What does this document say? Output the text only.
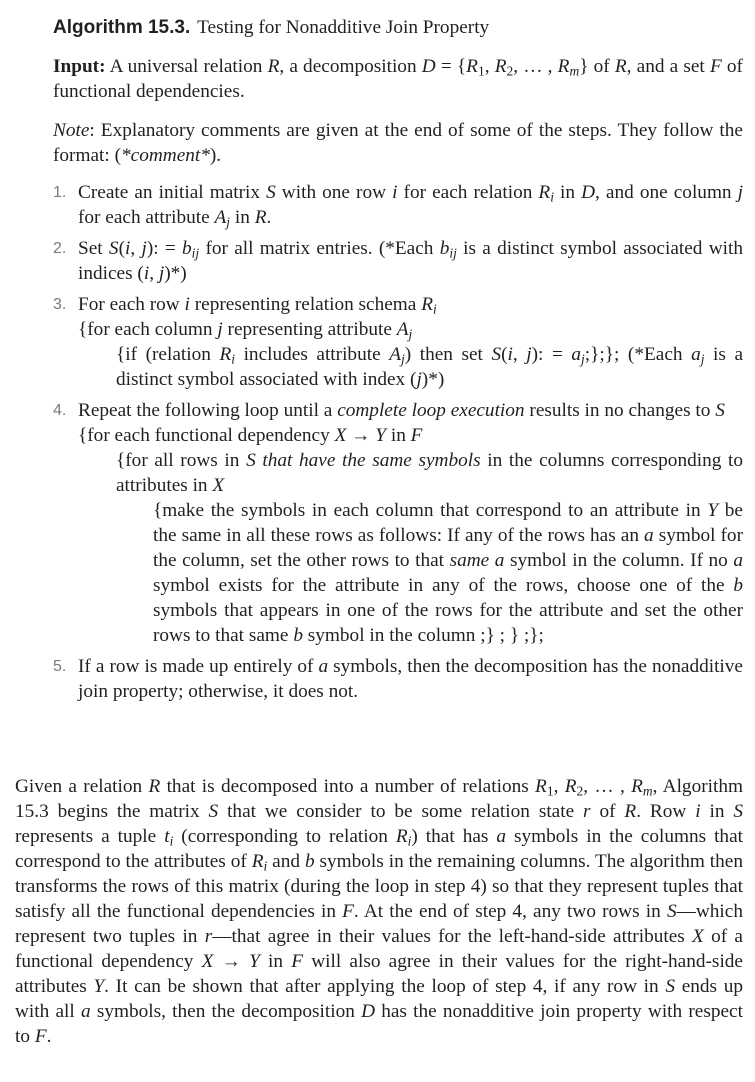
Algorithm 15.3. Testing for Nonadditive Join Property
Input: A universal relation R, a decomposition $D = \{R_1$, $R_2$, … , $R_m$} of R, and a set F of functional dependencies.
Note: Explanatory comments are given at the end of some of the steps. They follow the format: (*comment*).
1. Create an initial matrix S with one row i for each relation $R_i$ in D, and one column j for each attribute $A_j$ in R.
2. Set S(i, j): = $b_{ij}$ for all matrix entries. (*Each $b_{ij}$ is a distinct symbol associated with indices (i, j)*)
3. For each row i representing relation schema $R_i$
{for each column j representing attribute $A_j$
{if (relation $R_i$ includes attribute $A_j$) then set S(i, j): = $a_j$;};}; (*Each $a_j$ is a distinct symbol associated with index (j)*)
4. Repeat the following loop until a complete loop execution results in no changes to S
{for each functional dependency X → Y in F
{for all rows in S that have the same symbols in the columns corresponding to attributes in X
{make the symbols in each column that correspond to an attribute in Y be the same in all these rows as follows: If any of the rows has an a symbol for the column, set the other rows to that same a symbol in the column. If no a symbol exists for the attribute in any of the rows, choose one of the b symbols that appears in one of the rows for the attribute and set the other rows to that same b symbol in the column ;} ; } ;};
5. If a row is made up entirely of a symbols, then the decomposition has the nonadditive join property; otherwise, it does not.
Given a relation R that is decomposed into a number of relations $R_1$, $R_2$, … , $R_m$, Algorithm 15.3 begins the matrix S that we consider to be some relation state r of R. Row i in S represents a tuple $t_i$ (corresponding to relation $R_i$) that has a symbols in the columns that correspond to the attributes of $R_i$ and b symbols in the remaining columns. The algorithm then transforms the rows of this matrix (during the loop in step 4) so that they represent tuples that satisfy all the functional dependencies in F. At the end of step 4, any two rows in S—which represent two tuples in r—that agree in their values for the left-hand-side attributes X of a functional dependency X → Y in F will also agree in their values for the right-hand-side attributes Y. It can be shown that after applying the loop of step 4, if any row in S ends up with all a symbols, then the decomposition D has the nonadditive join property with respect to F.
